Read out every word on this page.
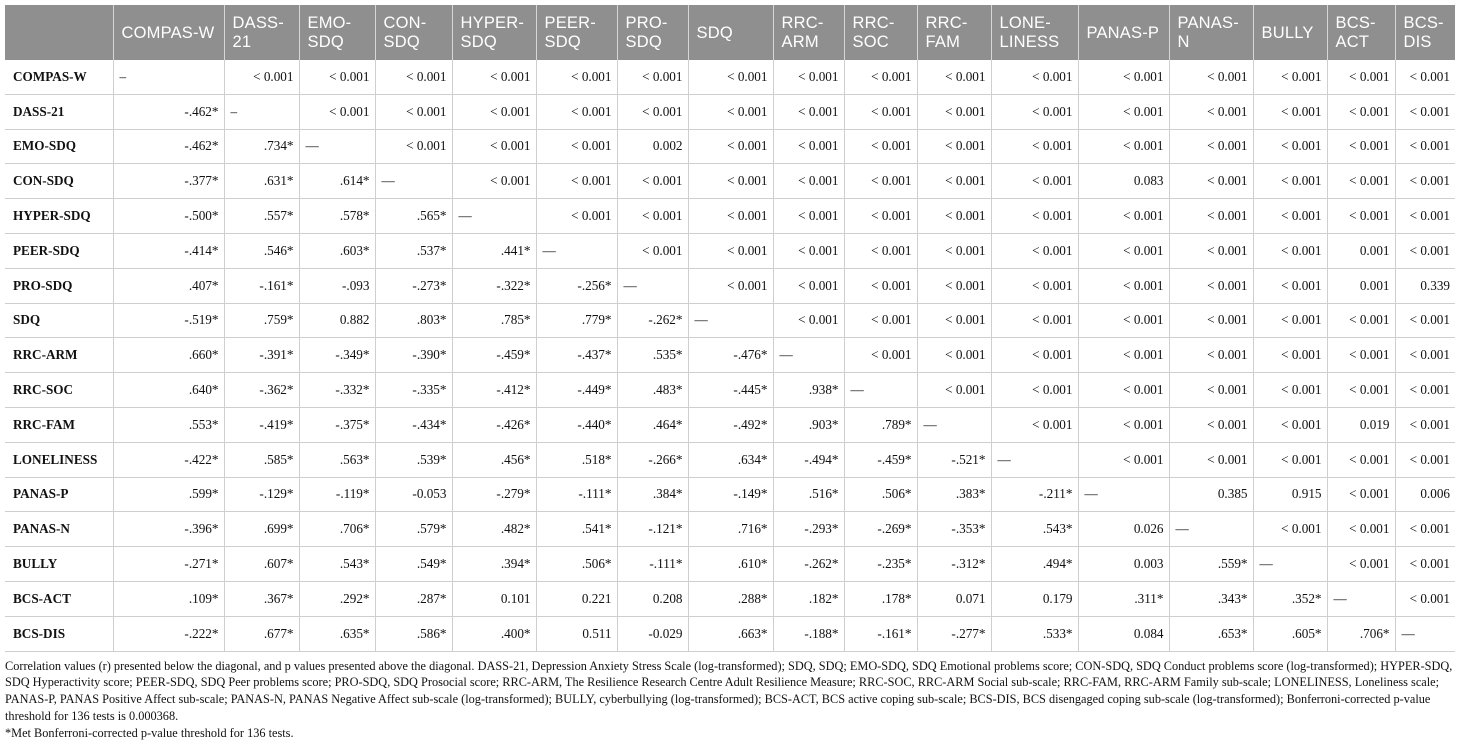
	COMPAS-W	DASS-21	EMO-SDQ	CON-SDQ	HYPER-SDQ	PEER-SDQ	PRO-SDQ	SDQ	RRC-ARM	RRC-SOC	RRC-FAM	LONE-LINESS	PANAS-P	PANAS-N	BULLY	BCS-ACT	BCS-DIS
COMPAS-W	–	< 0.001	< 0.001	< 0.001	< 0.001	< 0.001	< 0.001	< 0.001	< 0.001	< 0.001	< 0.001	< 0.001	< 0.001	< 0.001	< 0.001	< 0.001	< 0.001
DASS-21	-.462*	–	< 0.001	< 0.001	< 0.001	< 0.001	< 0.001	< 0.001	< 0.001	< 0.001	< 0.001	< 0.001	< 0.001	< 0.001	< 0.001	< 0.001	< 0.001
EMO-SDQ	-.462*	.734*	––	< 0.001	< 0.001	< 0.001	0.002	< 0.001	< 0.001	< 0.001	< 0.001	< 0.001	< 0.001	< 0.001	< 0.001	< 0.001	< 0.001
CON-SDQ	-.377*	.631*	.614*	––	< 0.001	< 0.001	< 0.001	< 0.001	< 0.001	< 0.001	< 0.001	< 0.001	0.083	< 0.001	< 0.001	< 0.001	< 0.001
HYPER-SDQ	-.500*	.557*	.578*	.565*	––	< 0.001	< 0.001	< 0.001	< 0.001	< 0.001	< 0.001	< 0.001	< 0.001	< 0.001	< 0.001	< 0.001	< 0.001
PEER-SDQ	-.414*	.546*	.603*	.537*	.441*	––	< 0.001	< 0.001	< 0.001	< 0.001	< 0.001	< 0.001	< 0.001	< 0.001	< 0.001	0.001	< 0.001
PRO-SDQ	.407*	-.161*	-.093	-.273*	-.322*	-.256*	––	< 0.001	< 0.001	< 0.001	< 0.001	< 0.001	< 0.001	< 0.001	< 0.001	0.001	0.339
SDQ	-.519*	.759*	0.882	.803*	.785*	.779*	-.262*	––	< 0.001	< 0.001	< 0.001	< 0.001	< 0.001	< 0.001	< 0.001	< 0.001	< 0.001
RRC-ARM	.660*	-.391*	-.349*	-.390*	-.459*	-.437*	.535*	-.476*	––	< 0.001	< 0.001	< 0.001	< 0.001	< 0.001	< 0.001	< 0.001	< 0.001
RRC-SOC	.640*	-.362*	-.332*	-.335*	-.412*	-.449*	.483*	-.445*	.938*	––	< 0.001	< 0.001	< 0.001	< 0.001	< 0.001	< 0.001	< 0.001
RRC-FAM	.553*	-.419*	-.375*	-.434*	-.426*	-.440*	.464*	-.492*	.903*	.789*	––	< 0.001	< 0.001	< 0.001	< 0.001	0.019	< 0.001
LONELINESS	-.422*	.585*	.563*	.539*	.456*	.518*	-.266*	.634*	-.494*	-.459*	-.521*	––	< 0.001	< 0.001	< 0.001	< 0.001	< 0.001
PANAS-P	.599*	-.129*	-.119*	-0.053	-.279*	-.111*	.384*	-.149*	.516*	.506*	.383*	-.211*	––	0.385	0.915	< 0.001	0.006
PANAS-N	-.396*	.699*	.706*	.579*	.482*	.541*	-.121*	.716*	-.293*	-.269*	-.353*	.543*	0.026	––	< 0.001	< 0.001	< 0.001
BULLY	-.271*	.607*	.543*	.549*	.394*	.506*	-.111*	.610*	-.262*	-.235*	-.312*	.494*	0.003	.559*	––	< 0.001	< 0.001
BCS-ACT	.109*	.367*	.292*	.287*	0.101	0.221	0.208	.288*	.182*	.178*	0.071	0.179	.311*	.343*	.352*	––	< 0.001
BCS-DIS	-.222*	.677*	.635*	.586*	.400*	0.511	-0.029	.663*	-.188*	-.161*	-.277*	.533*	0.084	.653*	.605*	.706*	––

Correlation values (r) presented below the diagonal, and p values presented above the diagonal. DASS-21, Depression Anxiety Stress Scale (log-transformed); SDQ, SDQ; EMO-SDQ, SDQ Emotional problems score; CON-SDQ, SDQ Conduct problems score (log-transformed); HYPER-SDQ, SDQ Hyperactivity score; PEER-SDQ, SDQ Peer problems score; PRO-SDQ, SDQ Prosocial score; RRC-ARM, The Resilience Research Centre Adult Resilience Measure; RRC-SOC, RRC-ARM Social sub-scale; RRC-FAM, RRC-ARM Family sub-scale; LONELINESS, Loneliness scale; PANAS-P, PANAS Positive Affect sub-scale; PANAS-N, PANAS Negative Affect sub-scale (log-transformed); BULLY, cyberbullying (log-transformed); BCS-ACT, BCS active coping sub-scale; BCS-DIS, BCS disengaged coping sub-scale (log-transformed); Bonferroni-corrected p-value threshold for 136 tests is 0.000368.

*Met Bonferroni-corrected p-value threshold for 136 tests.
